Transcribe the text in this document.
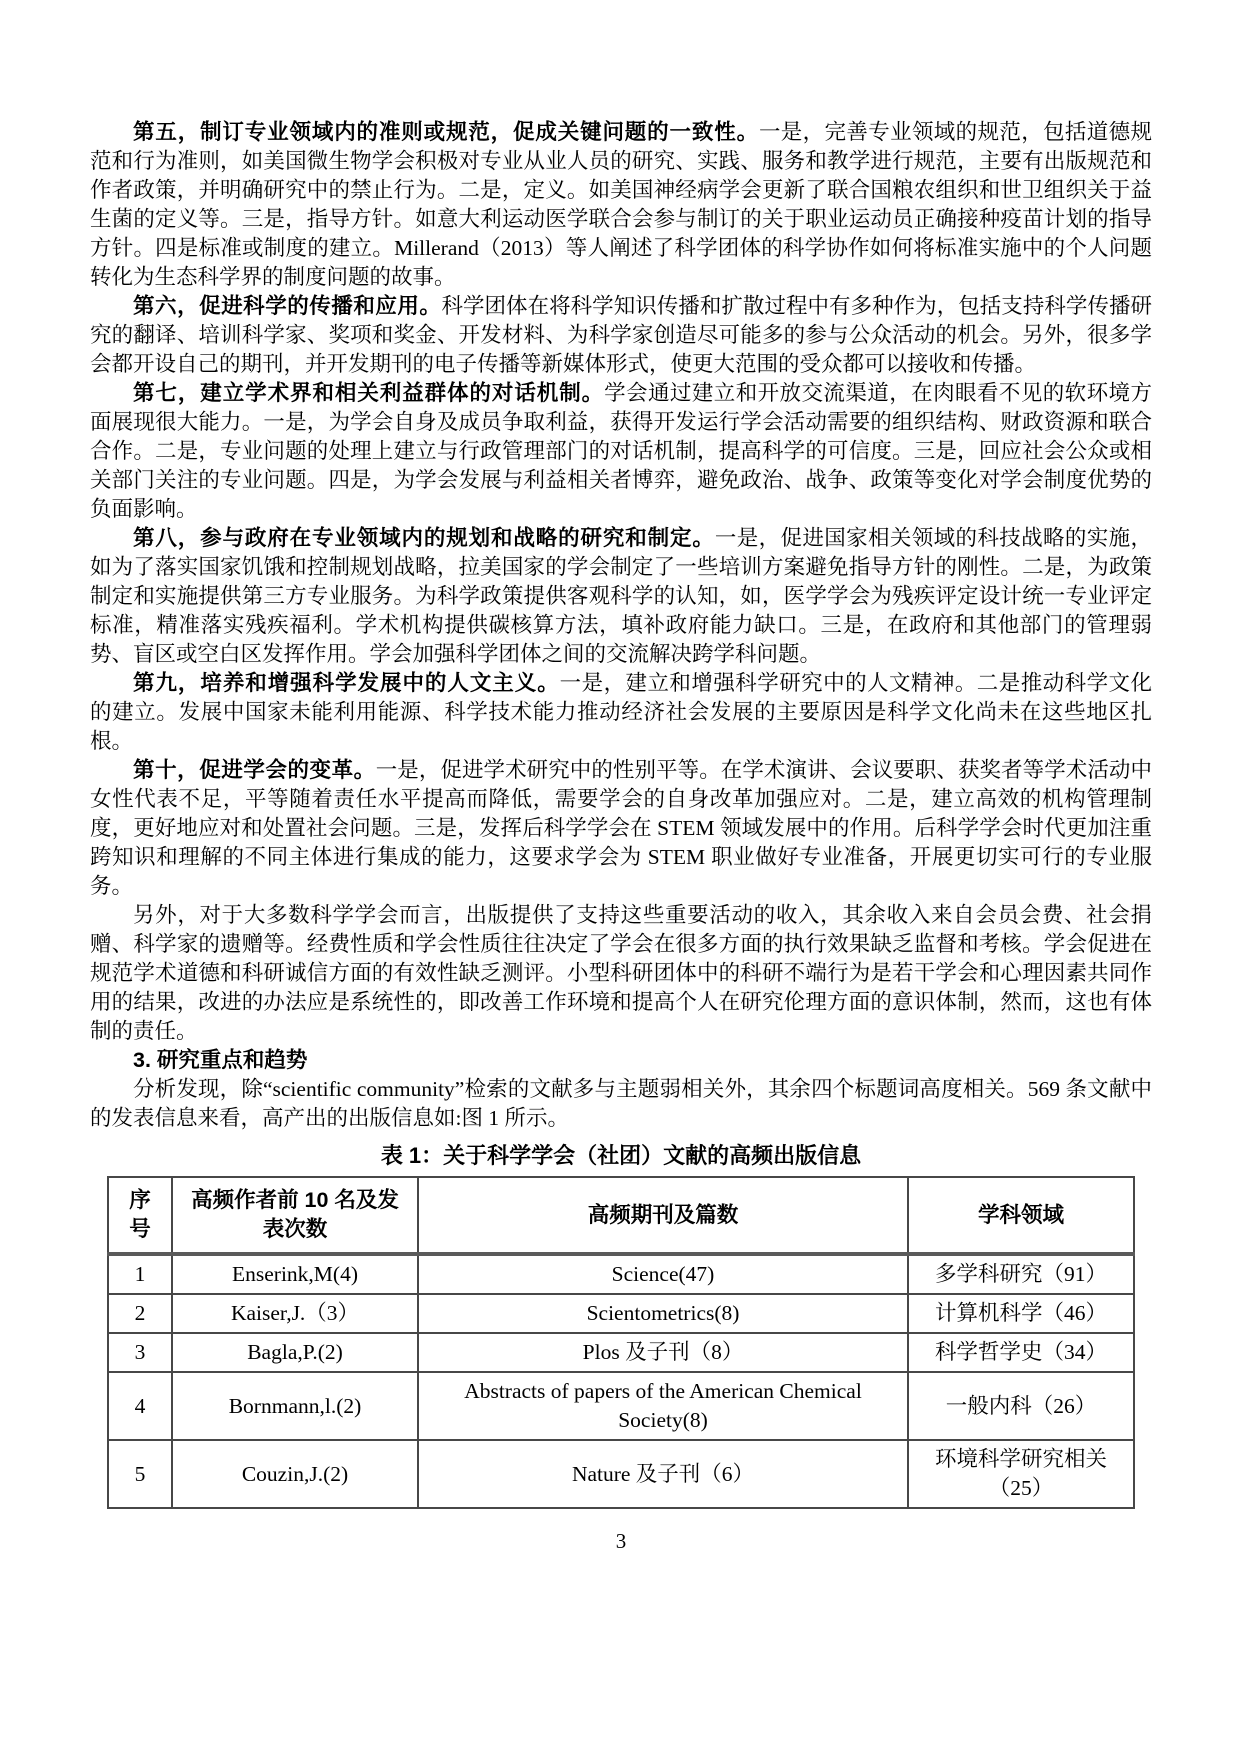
第五，制订专业领域内的准则或规范，促成关键问题的一致性。一是，完善专业领域的规范，包括道德规范和行为准则，如美国微生物学会积极对专业从业人员的研究、实践、服务和教学进行规范，主要有出版规范和作者政策，并明确研究中的禁止行为。二是，定义。如美国神经病学会更新了联合国粮农组织和世卫组织关于益生菌的定义等。三是，指导方针。如意大利运动医学联合会参与制订的关于职业运动员正确接种疫苗计划的指导方针。四是标准或制度的建立。Millerand（2013）等人阐述了科学团体的科学协作如何将标准实施中的个人问题转化为生态科学界的制度问题的故事。

第六，促进科学的传播和应用。科学团体在将科学知识传播和扩散过程中有多种作为，包括支持科学传播研究的翻译、培训科学家、奖项和奖金、开发材料、为科学家创造尽可能多的参与公众活动的机会。另外，很多学会都开设自己的期刊，并开发期刊的电子传播等新媒体形式，使更大范围的受众都可以接收和传播。

第七，建立学术界和相关利益群体的对话机制。学会通过建立和开放交流渠道，在肉眼看不见的软环境方面展现很大能力。一是，为学会自身及成员争取利益，获得开发运行学会活动需要的组织结构、财政资源和联合合作。二是，专业问题的处理上建立与行政管理部门的对话机制，提高科学的可信度。三是，回应社会公众或相关部门关注的专业问题。四是，为学会发展与利益相关者博弈，避免政治、战争、政策等变化对学会制度优势的负面影响。

第八，参与政府在专业领域内的规划和战略的研究和制定。一是，促进国家相关领域的科技战略的实施，如为了落实国家饥饿和控制规划战略，拉美国家的学会制定了一些培训方案避免指导方针的刚性。二是，为政策制定和实施提供第三方专业服务。为科学政策提供客观科学的认知，如，医学学会为残疾评定设计统一专业评定标准，精准落实残疾福利。学术机构提供碳核算方法，填补政府能力缺口。三是，在政府和其他部门的管理弱势、盲区或空白区发挥作用。学会加强科学团体之间的交流解决跨学科问题。

第九，培养和增强科学发展中的人文主义。一是，建立和增强科学研究中的人文精神。二是推动科学文化的建立。发展中国家未能利用能源、科学技术能力推动经济社会发展的主要原因是科学文化尚未在这些地区扎根。

第十，促进学会的变革。一是，促进学术研究中的性别平等。在学术演讲、会议要职、获奖者等学术活动中女性代表不足，平等随着责任水平提高而降低，需要学会的自身改革加强应对。二是，建立高效的机构管理制度，更好地应对和处置社会问题。三是，发挥后科学学会在 STEM 领域发展中的作用。后科学学会时代更加注重跨知识和理解的不同主体进行集成的能力，这要求学会为 STEM 职业做好专业准备，开展更切实可行的专业服务。

另外，对于大多数科学学会而言，出版提供了支持这些重要活动的收入，其余收入来自会员会费、社会捐赠、科学家的遗赠等。经费性质和学会性质往往决定了学会在很多方面的执行效果缺乏监督和考核。学会促进在规范学术道德和科研诚信方面的有效性缺乏测评。小型科研团体中的科研不端行为是若干学会和心理因素共同作用的结果，改进的办法应是系统性的，即改善工作环境和提高个人在研究伦理方面的意识体制，然而，这也有体制的责任。

3. 研究重点和趋势

分析发现，除“scientific community”检索的文献多与主题弱相关外，其余四个标题词高度相关。569 条文献中的发表信息来看，高产出的出版信息如:图 1 所示。

表 1：关于科学学会（社团）文献的高频出版信息

序号	高频作者前 10 名及发表次数	高频期刊及篇数	学科领域
1	Enserink,M(4)	Science(47)	多学科研究（91）
2	Kaiser,J.（3）	Scientometrics(8)	计算机科学（46）
3	Bagla,P.(2)	Plos 及子刊（8）	科学哲学史（34）
4	Bornmann,l.(2)	Abstracts of papers of the American Chemical Society(8)	一般内科（26）
5	Couzin,J.(2)	Nature 及子刊（6）	环境科学研究相关（25）
3
